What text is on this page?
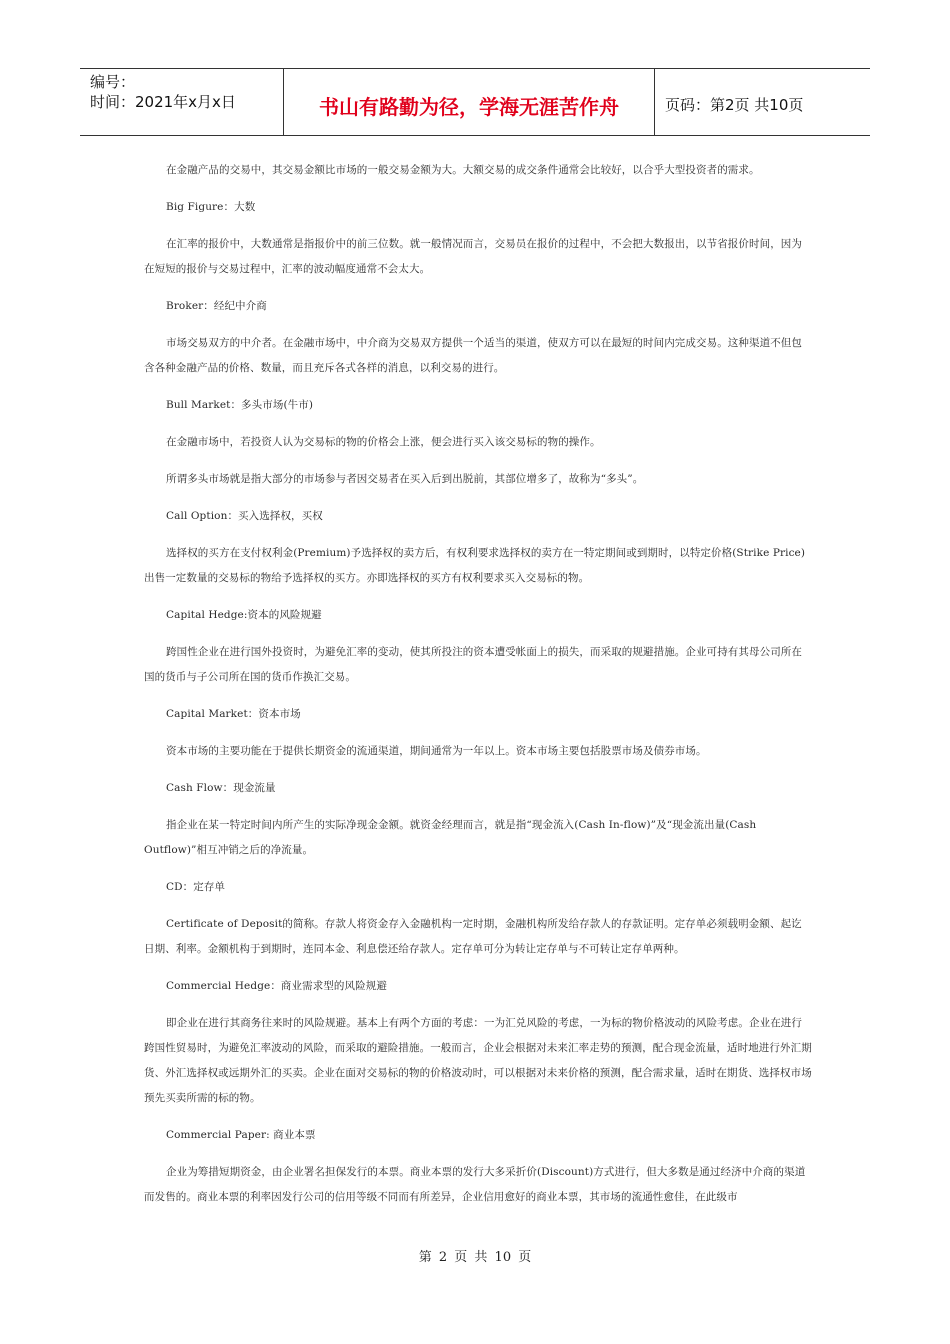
编号：
时间：2021年x月x日	书山有路勤为径，学海无涯苦作舟	页码：第2页 共10页

在金融产品的交易中，其交易金额比市场的一般交易金额为大。大额交易的成交条件通常会比较好，以合乎大型投资者的需求。

Big Figure：大数

在汇率的报价中，大数通常是指报价中的前三位数。就一般情况而言，交易员在报价的过程中，不会把大数报出，以节省报价时间，因为在短短的报价与交易过程中，汇率的波动幅度通常不会太大。

Broker：经纪中介商

市场交易双方的中介者。在金融市场中，中介商为交易双方提供一个适当的渠道，使双方可以在最短的时间内完成交易。这种渠道不但包含各种金融产品的价格、数量，而且充斥各式各样的消息，以利交易的进行。

Bull Market：多头市场(牛市)

在金融市场中，若投资人认为交易标的物的价格会上涨，便会进行买入该交易标的物的操作。

所谓多头市场就是指大部分的市场参与者因交易者在买入后到出脱前，其部位增多了，故称为“多头”。

Call Option：买入选择权，买权

选择权的买方在支付权利金(Premium)予选择权的卖方后，有权利要求选择权的卖方在一特定期间或到期时，以特定价格(Strike Price)出售一定数量的交易标的物给予选择权的买方。亦即选择权的买方有权利要求买入交易标的物。

Capital Hedge:资本的风险规避

跨国性企业在进行国外投资时，为避免汇率的变动，使其所投注的资本遭受帐面上的损失，而采取的规避措施。企业可持有其母公司所在国的货币与子公司所在国的货币作换汇交易。

Capital Market：资本市场

资本市场的主要功能在于提供长期资金的流通渠道，期间通常为一年以上。资本市场主要包括股票市场及债券市场。

Cash Flow：现金流量

指企业在某一特定时间内所产生的实际净现金金额。就资金经理而言，就是指“现金流入(Cash In-flow)”及“现金流出量(Cash Outflow)”相互冲销之后的净流量。

CD：定存单

Certificate of Deposit的简称。存款人将资金存入金融机构一定时期，金融机构所发给存款人的存款证明。定存单必须载明金额、起讫日期、利率。金额机构于到期时，连同本金、利息偿还给存款人。定存单可分为转让定存单与不可转让定存单两种。

Commercial Hedge：商业需求型的风险规避

即企业在进行其商务往来时的风险规避。基本上有两个方面的考虑：一为汇兑风险的考虑，一为标的物价格波动的风险考虑。企业在进行跨国性贸易时，为避免汇率波动的风险，而采取的避险措施。一般而言，企业会根据对未来汇率走势的预测，配合现金流量，适时地进行外汇期货、外汇选择权或远期外汇的买卖。企业在面对交易标的物的价格波动时，可以根据对未来价格的预测，配合需求量，适时在期货、选择权市场预先买卖所需的标的物。

Commercial Paper: 商业本票

企业为筹措短期资金，由企业署名担保发行的本票。商业本票的发行大多采折价(Discount)方式进行，但大多数是通过经济中介商的渠道而发售的。商业本票的利率因发行公司的信用等级不同而有所差异，企业信用愈好的商业本票，其市场的流通性愈佳，在此级市

第 2 页 共 10 页
